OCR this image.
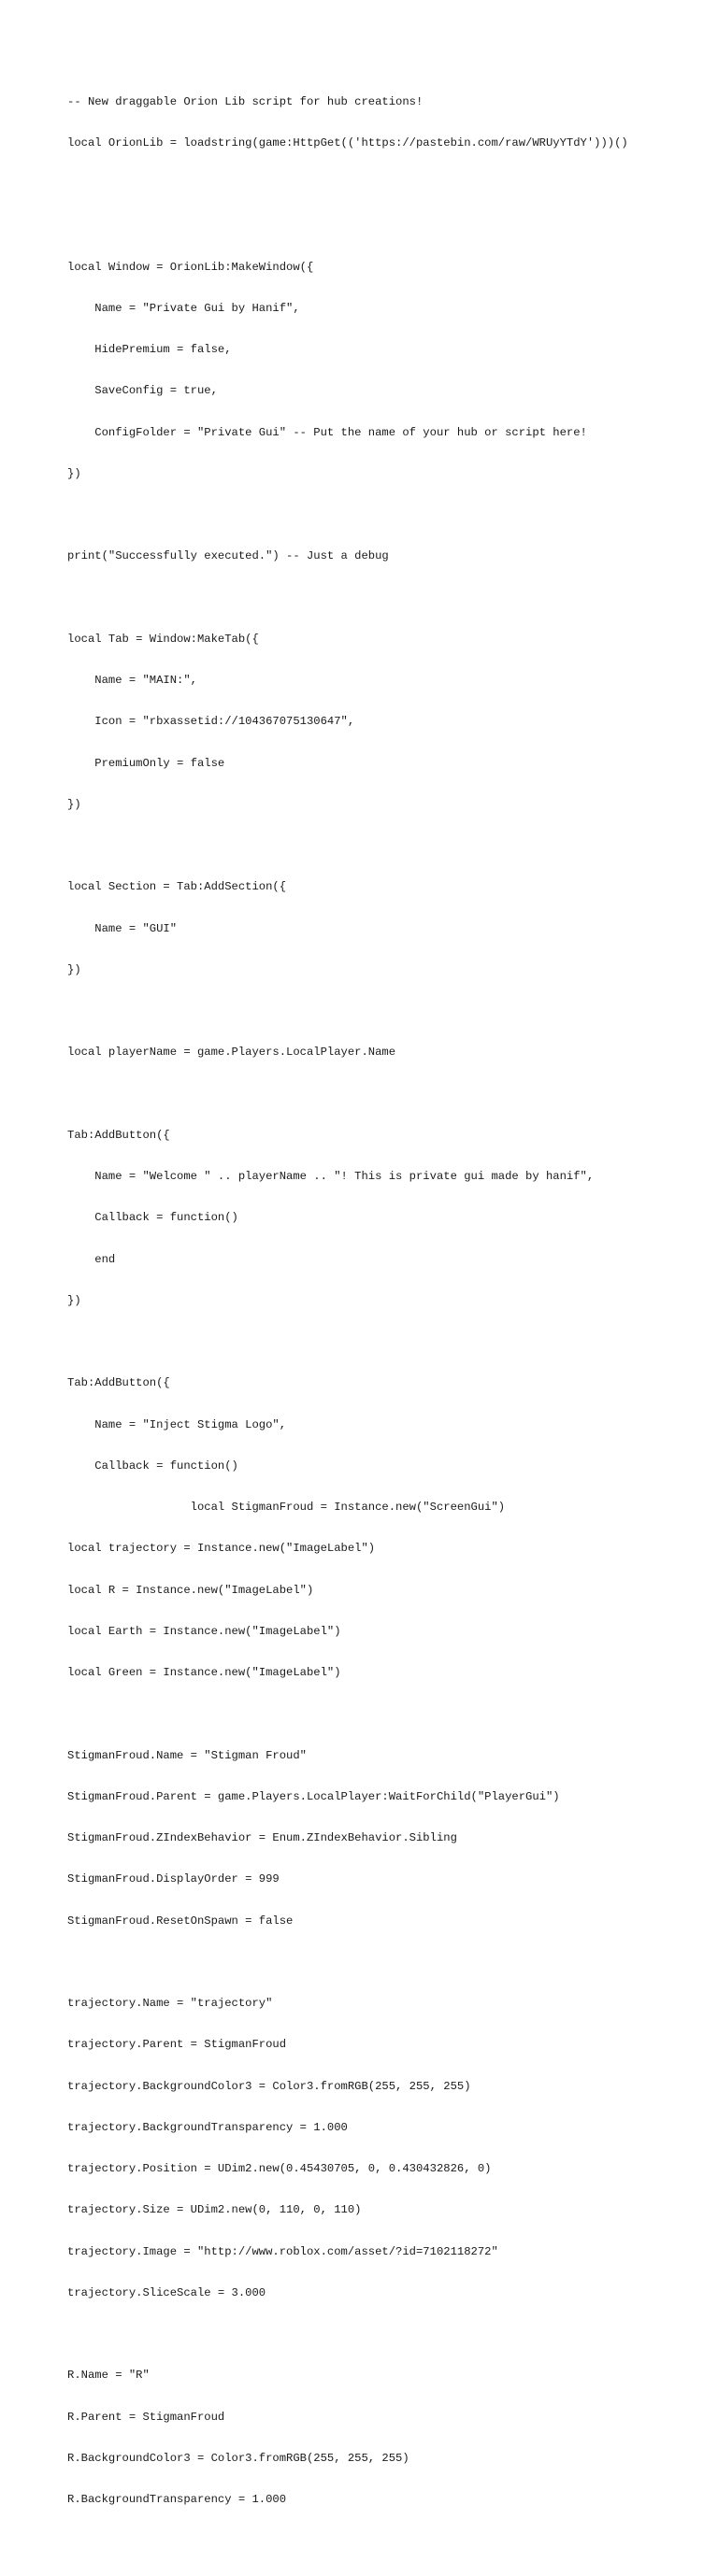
-- New draggable Orion Lib script for hub creations!

local OrionLib = loadstring(game:HttpGet(('https://pastebin.com/raw/WRUyYTdY')))()

local Window = OrionLib:MakeWindow({

Name = "Private Gui by Hanif",

HidePremium = false,

SaveConfig = true,

ConfigFolder = "Private Gui" -- Put the name of your hub or script here!

})

print("Successfully executed.") -- Just a debug

local Tab = Window:MakeTab({

Name = "MAIN:",

Icon = "rbxassetid://104367075130647",

PremiumOnly = false

})

local Section = Tab:AddSection({

Name = "GUI"

})

local playerName = game.Players.LocalPlayer.Name

Tab:AddButton({

Name = "Welcome " .. playerName .. "! This is private gui made by hanif",

Callback = function()

end

})

Tab:AddButton({

Name = "Inject Stigma Logo",

Callback = function()

local StigmanFroud = Instance.new("ScreenGui")

local trajectory = Instance.new("ImageLabel")

local R = Instance.new("ImageLabel")

local Earth = Instance.new("ImageLabel")

local Green = Instance.new("ImageLabel")

StigmanFroud.Name = "Stigman Froud"

StigmanFroud.Parent = game.Players.LocalPlayer:WaitForChild("PlayerGui")

StigmanFroud.ZIndexBehavior = Enum.ZIndexBehavior.Sibling

StigmanFroud.DisplayOrder = 999

StigmanFroud.ResetOnSpawn = false

trajectory.Name = "trajectory"

trajectory.Parent = StigmanFroud

trajectory.BackgroundColor3 = Color3.fromRGB(255, 255, 255)

trajectory.BackgroundTransparency = 1.000

trajectory.Position = UDim2.new(0.45430705, 0, 0.430432826, 0)

trajectory.Size = UDim2.new(0, 110, 0, 110)

trajectory.Image = "http://www.roblox.com/asset/?id=7102118272"

trajectory.SliceScale = 3.000

R.Name = "R"

R.Parent = StigmanFroud

R.BackgroundColor3 = Color3.fromRGB(255, 255, 255)

R.BackgroundTransparency = 1.000
